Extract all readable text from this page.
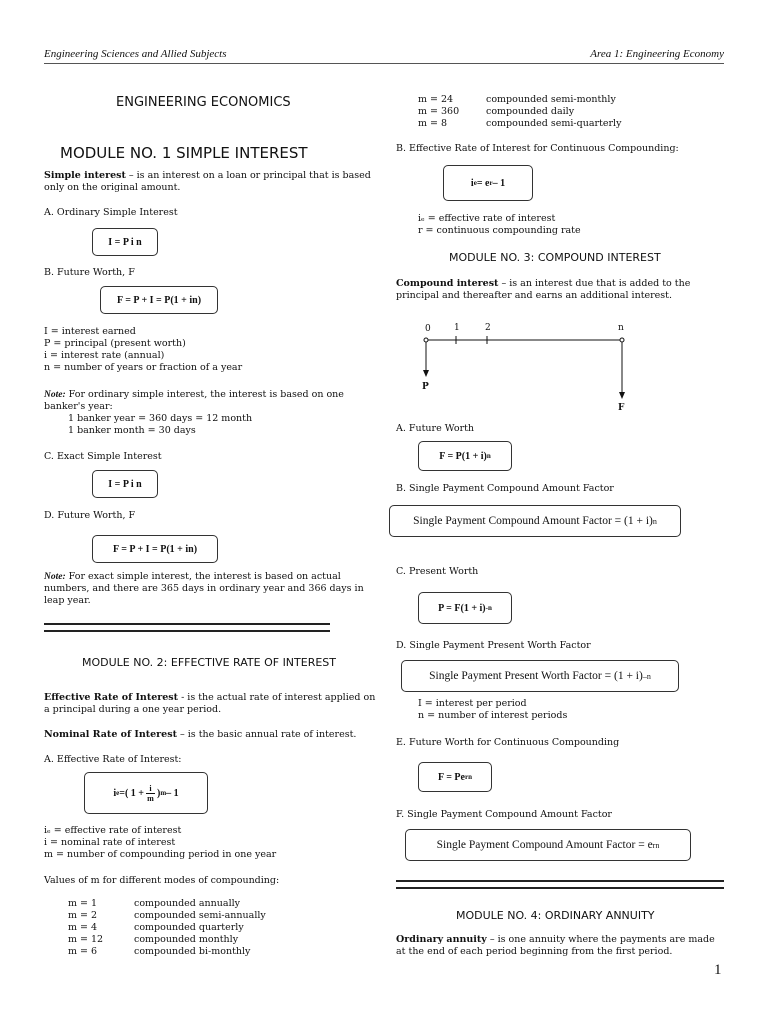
Engineering Sciences and Allied Subjects	Area 1: Engineering Economy
ENGINEERING ECONOMICS
MODULE NO. 1 SIMPLE INTEREST

Simple interest – is an interest on a loan or principal that is based only on the original amount.

A. Ordinary Simple Interest
I = P i n
B. Future Worth, F
F = P + I = P(1 + in)

I = interest earned

P = principal (present worth)

i = interest rate (annual)

n = number of years or fraction of a year

Note: For ordinary simple interest, the interest is based on one banker's year:

1 banker year = 360 days = 12 month

1 banker month = 30 days

C. Exact Simple Interest
I = P i n
D. Future Worth, F
F = P + I = P(1 + in)

Note: For exact simple interest, the interest is based on actual numbers, and there are 365 days in ordinary year and 366 days in leap year.

MODULE NO. 2: EFFECTIVE RATE OF INTEREST

Effective Rate of Interest - is the actual rate of interest applied on a principal during a one year period.

Nominal Rate of Interest – is the basic annual rate of interest.

A. Effective Rate of Interest:
i e = ( 1 + i
m ) m – 1

iₑ = effective rate of interest

i = nominal rate of interest

m = number of compounding period in one year

Values of m for different modes of compounding:
m = 1	compounded annually
m = 2	compounded semi-annually
m = 4	compounded quarterly
m = 12	compounded monthly
m = 6	compounded bi-monthly
m = 24	compounded semi-monthly
m = 360	compounded daily
m = 8	compounded semi-quarterly
B. Effective Rate of Interest for Continuous Compounding:
i e = e r – 1

iₑ = effective rate of interest

r = continuous compounding rate

MODULE NO. 3: COMPOUND INTEREST

Compound interest – is an interest due that is added to the principal and thereafter and earns an additional interest.

0	1	2	n
P
F
A. Future Worth
F = P(1 + i) n
B. Single Payment Compound Amount Factor
Single Payment Compound Amount Factor = (1 + i) n
C. Present Worth
P = F(1 + i) -n
D. Single Payment Present Worth Factor
Single Payment Present Worth Factor = (1 + i) –n

I = interest per period

n = number of interest periods

E. Future Worth for Continuous Compounding
F = Pe rn
F. Single Payment Compound Amount Factor
Single Payment Compound Amount Factor = e rn
MODULE NO. 4: ORDINARY ANNUITY

Ordinary annuity – is one annuity where the payments are made at the end of each period beginning from the first period.

1
